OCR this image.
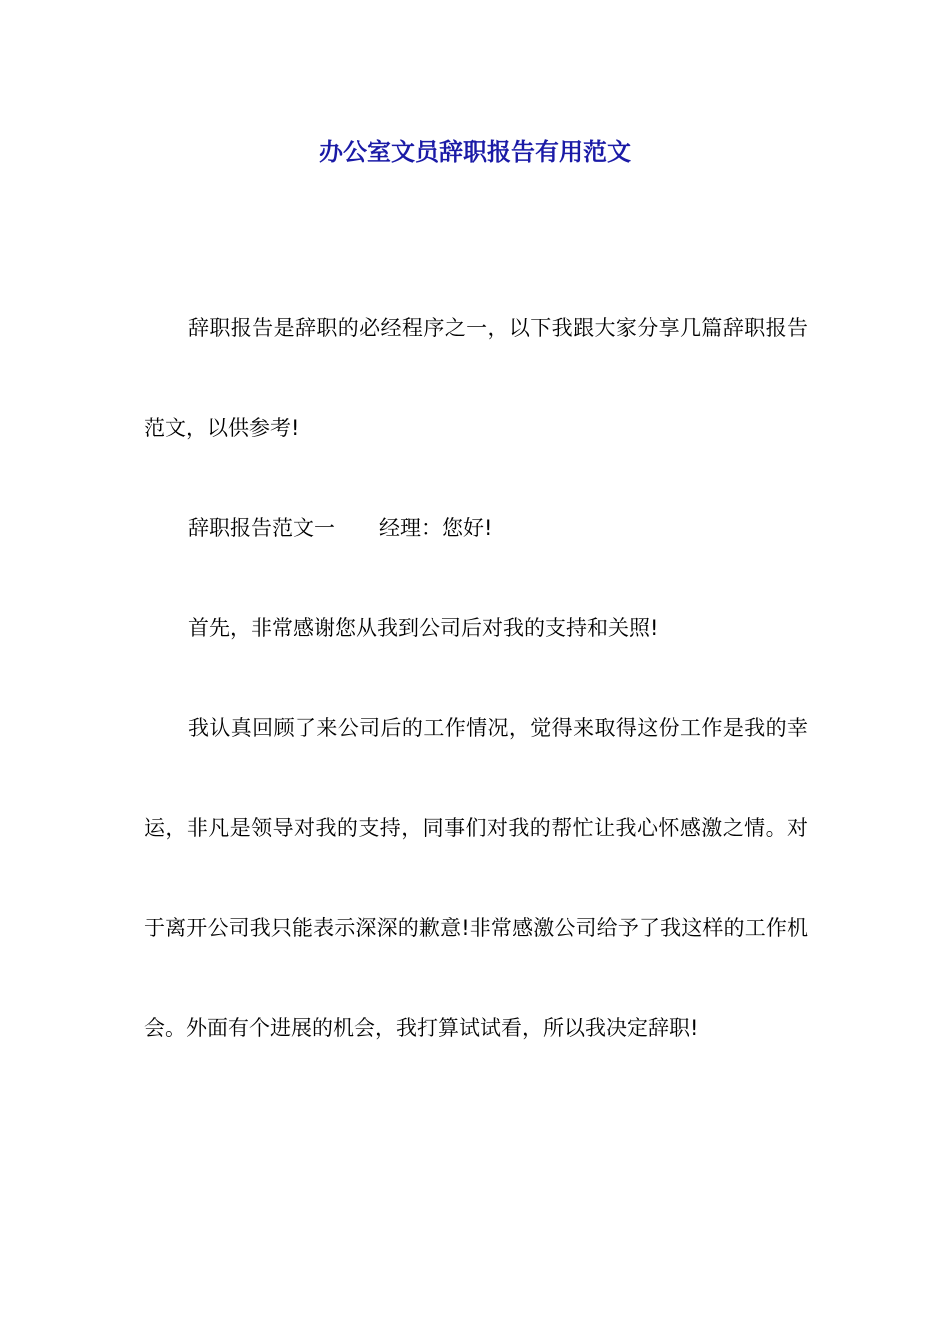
办公室文员辞职报告有用范文

辞职报告是辞职的必经程序之一，以下我跟大家分享几篇辞职报告范文，以供参考!

辞职报告范文一 经理：您好!

首先，非常感谢您从我到公司后对我的支持和关照!

我认真回顾了来公司后的工作情况，觉得来取得这份工作是我的幸运，非凡是领导对我的支持，同事们对我的帮忙让我心怀感激之情。对于离开公司我只能表示深深的歉意!非常感激公司给予了我这样的工作机会。外面有个进展的机会，我打算试试看，所以我决定辞职!
